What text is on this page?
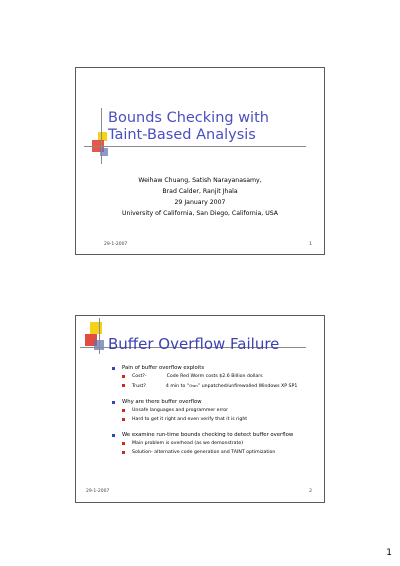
Bounds Checking with
Taint-Based Analysis
Weihaw Chuang, Satish Narayanasamy,
Brad Calder, Ranjit Jhala
29 January 2007
University of California, San Diego, California, USA
29-1-2007	1
Buffer Overflow Failure
Pain of buffer overflow exploits
Cost?-	Code Red Worm costs $2.6 Billion dollars
Trust?	4 min to “Own” unpatched/unfirewalled Windows XP SP1
Why are there buffer overflow
Unsafe languages and programmer error
Hard to get it right and even verify that it is right
We examine run-time bounds checking to detect buffer overflow
Main problem is overhead (as we demonstrate)
Solution- alternative code generation and TAINT optimization
29-1-2007	2
1
